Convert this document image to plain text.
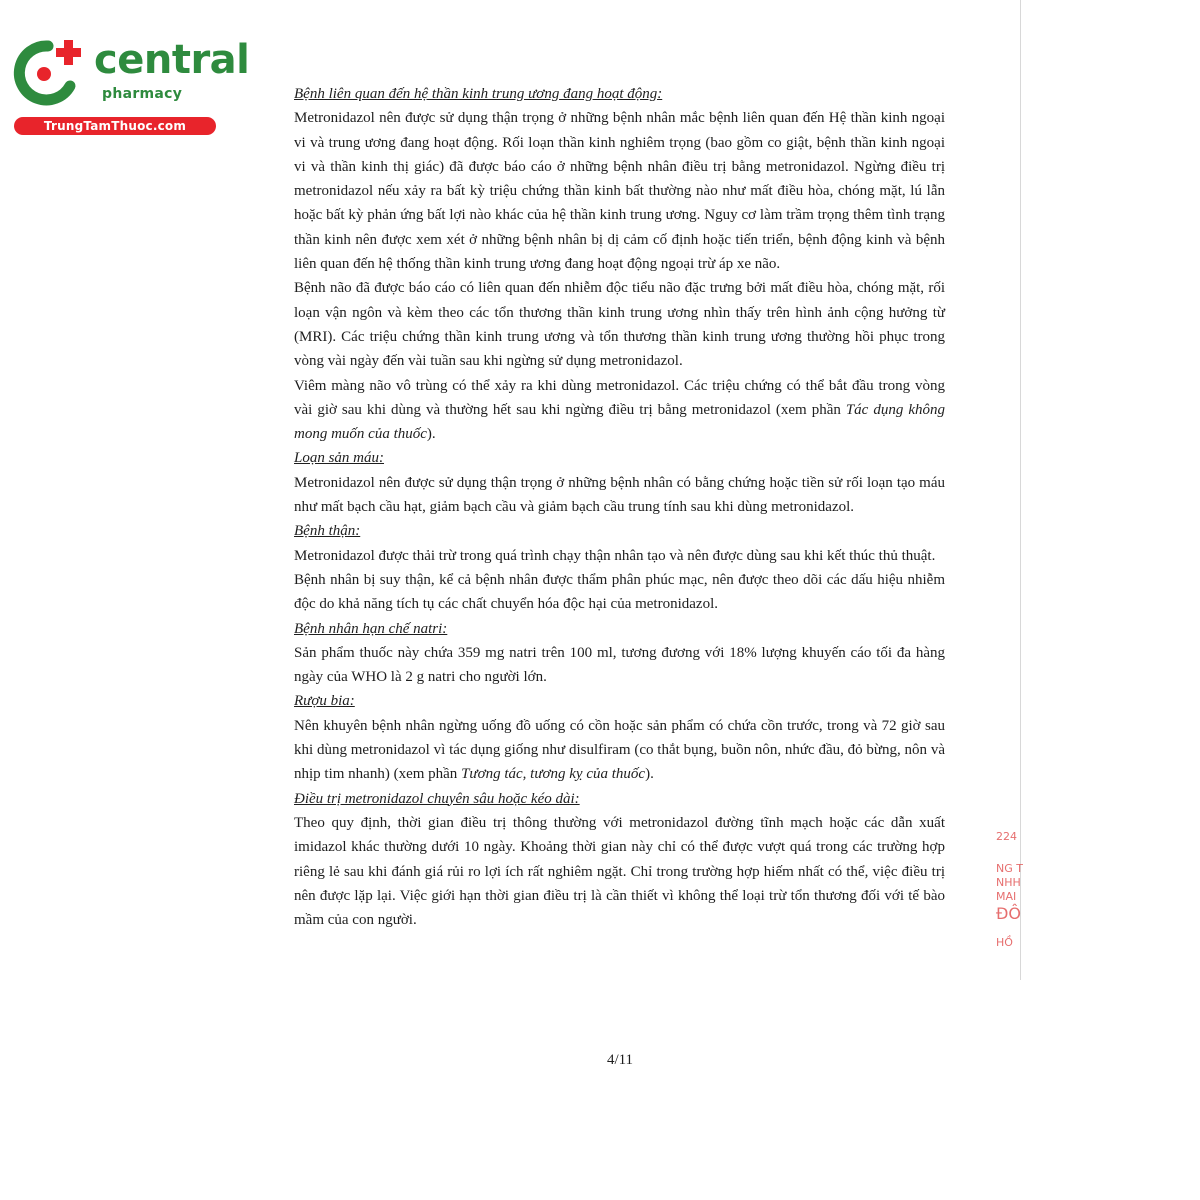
central
pharmacy
TrungTamThuoc.com
224
NG T
NHH
MAI
ĐÔ
HỒ

Bệnh liên quan đến hệ thần kinh trung ương đang hoạt động:

Metronidazol nên được sử dụng thận trọng ở những bệnh nhân mắc bệnh liên quan đến Hệ thần kinh ngoại vi và trung ương đang hoạt động. Rối loạn thần kinh nghiêm trọng (bao gồm co giật, bệnh thần kinh ngoại vi và thần kinh thị giác) đã được báo cáo ở những bệnh nhân điều trị bằng metronidazol. Ngừng điều trị metronidazol nếu xảy ra bất kỳ triệu chứng thần kinh bất thường nào như mất điều hòa, chóng mặt, lú lẫn hoặc bất kỳ phản ứng bất lợi nào khác của hệ thần kinh trung ương. Nguy cơ làm trầm trọng thêm tình trạng thần kinh nên được xem xét ở những bệnh nhân bị dị cảm cố định hoặc tiến triển, bệnh động kinh và bệnh liên quan đến hệ thống thần kinh trung ương đang hoạt động ngoại trừ áp xe não.

Bệnh não đã được báo cáo có liên quan đến nhiễm độc tiểu não đặc trưng bởi mất điều hòa, chóng mặt, rối loạn vận ngôn và kèm theo các tổn thương thần kinh trung ương nhìn thấy trên hình ảnh cộng hưởng từ (MRI). Các triệu chứng thần kinh trung ương và tổn thương thần kinh trung ương thường hồi phục trong vòng vài ngày đến vài tuần sau khi ngừng sử dụng metronidazol.

Viêm màng não vô trùng có thể xảy ra khi dùng metronidazol. Các triệu chứng có thể bắt đầu trong vòng vài giờ sau khi dùng và thường hết sau khi ngừng điều trị bằng metronidazol (xem phần Tác dụng không mong muốn của thuốc).

Loạn sản máu:

Metronidazol nên được sử dụng thận trọng ở những bệnh nhân có bằng chứng hoặc tiền sử rối loạn tạo máu như mất bạch cầu hạt, giảm bạch cầu và giảm bạch cầu trung tính sau khi dùng metronidazol.

Bệnh thận:

Metronidazol được thải trừ trong quá trình chạy thận nhân tạo và nên được dùng sau khi kết thúc thủ thuật.

Bệnh nhân bị suy thận, kể cả bệnh nhân được thẩm phân phúc mạc, nên được theo dõi các dấu hiệu nhiễm độc do khả năng tích tụ các chất chuyển hóa độc hại của metronidazol.

Bệnh nhân hạn chế natri:

Sản phẩm thuốc này chứa 359 mg natri trên 100 ml, tương đương với 18% lượng khuyến cáo tối đa hàng ngày của WHO là 2 g natri cho người lớn.

Rượu bia:

Nên khuyên bệnh nhân ngừng uống đồ uống có cồn hoặc sản phẩm có chứa cồn trước, trong và 72 giờ sau khi dùng metronidazol vì tác dụng giống như disulfiram (co thắt bụng, buồn nôn, nhức đầu, đỏ bừng, nôn và nhịp tim nhanh) (xem phần Tương tác, tương kỵ của thuốc).

Điều trị metronidazol chuyên sâu hoặc kéo dài:

Theo quy định, thời gian điều trị thông thường với metronidazol đường tĩnh mạch hoặc các dẫn xuất imidazol khác thường dưới 10 ngày. Khoảng thời gian này chỉ có thể được vượt quá trong các trường hợp riêng lẻ sau khi đánh giá rủi ro lợi ích rất nghiêm ngặt. Chỉ trong trường hợp hiếm nhất có thể, việc điều trị nên được lặp lại. Việc giới hạn thời gian điều trị là cần thiết vì không thể loại trừ tổn thương đối với tế bào mầm của con người.

4/11
